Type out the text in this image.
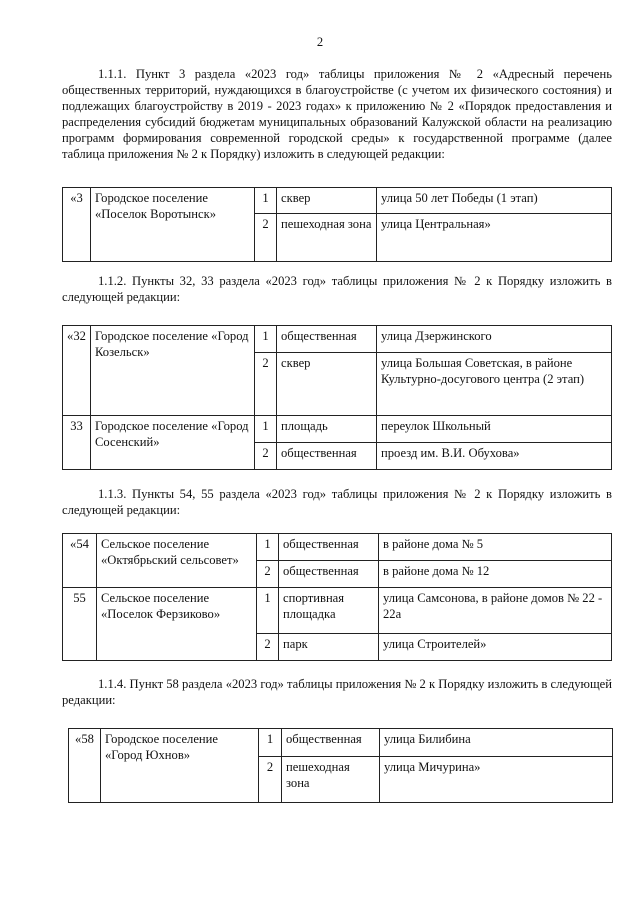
2
1.1.1. Пункт 3 раздела «2023 год» таблицы приложения № 2 «Адресный перечень общественных территорий, нуждающихся в благоустройстве (с учетом их физического состояния) и подлежащих благоустройству в 2019 - 2023 годах» к приложению № 2 «Порядок предоставления и распределения субсидий бюджетам муниципальных образований Калужской области на реализацию программ формирования современной городской среды» к государственной программе (далее таблица приложения № 2 к Порядку) изложить в следующей редакции:
«3	Городское поселение «Поселок Воротынск»	1	сквер	улица 50 лет Победы (1 этап)
		2	пешеходная зона	улица Центральная»
1.1.2. Пункты 32, 33 раздела «2023 год» таблицы приложения № 2 к Порядку изложить в следующей редакции:
«32	Городское поселение «Город Козельск»	1	общественная	улица Дзержинского
		2	сквер	улица Большая Советская, в районе Культурно-досугового центра (2 этап)
33	Городское поселение «Город Сосенский»	1	площадь	переулок Школьный
		2	общественная	проезд им. В.И. Обухова»
1.1.3. Пункты 54, 55 раздела «2023 год» таблицы приложения № 2 к Порядку изложить в следующей редакции:
«54	Сельское поселение «Октябрьский сельсовет»	1	общественная	в районе дома № 5
		2	общественная	в районе дома № 12
55	Сельское поселение «Поселок Ферзиково»	1	спортивная площадка	улица Самсонова, в районе домов № 22 - 22а
		2	парк	улица Строителей»
1.1.4. Пункт 58 раздела «2023 год» таблицы приложения № 2 к Порядку изложить в следующей редакции:
«58	Городское поселение «Город Юхнов»	1	общественная	улица Билибина
		2	пешеходная зона	улица Мичурина»
